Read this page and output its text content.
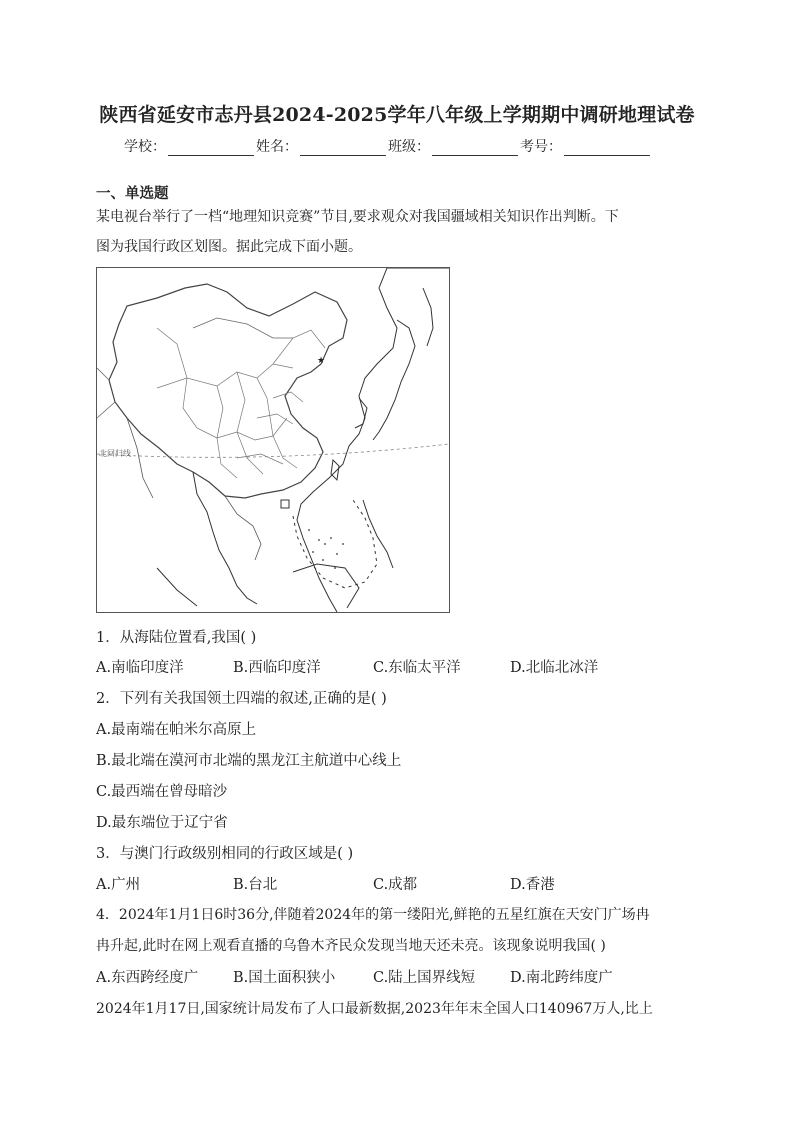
陕西省延安市志丹县2024-2025学年八年级上学期期中调研地理试卷
学校：	姓名：	班级：	考号：
一、单选题
某电视台举行了一档“地理知识竞赛”节目,要求观众对我国疆域相关知识作出判断。下
图为我国行政区划图。据此完成下面小题。
★
北回归线
1．从海陆位置看,我国( )
A.南临印度洋	B.西临印度洋	C.东临太平洋	D.北临北冰洋
2．下列有关我国领土四端的叙述,正确的是( )
A.最南端在帕米尔高原上
B.最北端在漠河市北端的黑龙江主航道中心线上
C.最西端在曾母暗沙
D.最东端位于辽宁省
3．与澳门行政级别相同的行政区域是( )
A.广州	B.台北	C.成都	D.香港
4．2024年1月1日6时36分,伴随着2024年的第一缕阳光,鲜艳的五星红旗在天安门广场冉
冉升起,此时在网上观看直播的乌鲁木齐民众发现当地天还未亮。该现象说明我国( )
A.东西跨经度广 B.国土面积狭小	C.陆上国界线短 D.南北跨纬度广
2024年1月17日,国家统计局发布了人口最新数据,2023年年末全国人口140967万人,比上
